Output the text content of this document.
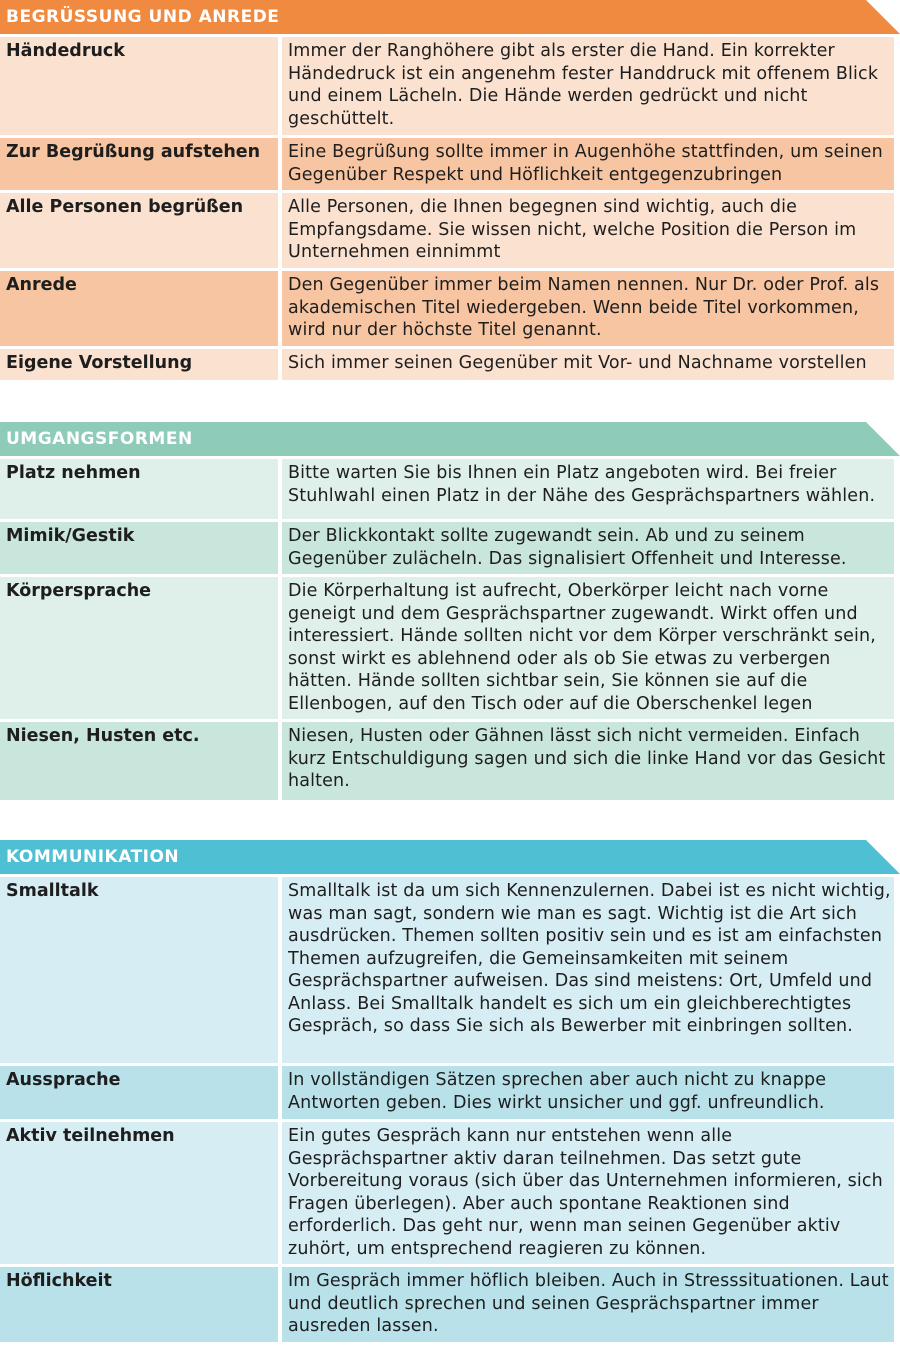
BEGRÜSSUNG UND ANREDE
Händedruck	Immer der Ranghöhere gibt als erster die Hand. Ein korrekter Händedruck ist ein angenehm fester Handdruck mit offenem Blick und einem Lächeln. Die Hände werden gedrückt und nicht geschüttelt.
Zur Begrüßung aufstehen	Eine Begrüßung sollte immer in Augenhöhe stattfinden, um seinen Gegenüber Respekt und Höflichkeit entgegenzubringen
Alle Personen begrüßen	Alle Personen, die Ihnen begegnen sind wichtig, auch die Empfangsdame. Sie wissen nicht, welche Position die Person im Unternehmen einnimmt
Anrede	Den Gegenüber immer beim Namen nennen. Nur Dr. oder Prof. als akademischen Titel wiedergeben. Wenn beide Titel vorkommen, wird nur der höchste Titel genannt.
Eigene Vorstellung	Sich immer seinen Gegenüber mit Vor- und Nachname vorstellen
UMGANGSFORMEN
Platz nehmen	Bitte warten Sie bis Ihnen ein Platz angeboten wird. Bei freier Stuhlwahl einen Platz in der Nähe des Gesprächspartners wählen.
Mimik/Gestik	Der Blickkontakt sollte zugewandt sein. Ab und zu seinem Gegenüber zulächeln. Das signalisiert Offenheit und Interesse.
Körpersprache	Die Körperhaltung ist aufrecht, Oberkörper leicht nach vorne geneigt und dem Gesprächspartner zugewandt. Wirkt offen und interessiert. Hände sollten nicht vor dem Körper verschränkt sein, sonst wirkt es ablehnend oder als ob Sie etwas zu verbergen hätten. Hände sollten sichtbar sein, Sie können sie auf die Ellenbogen, auf den Tisch oder auf die Oberschenkel legen
Niesen, Husten etc.	Niesen, Husten oder Gähnen lässt sich nicht vermeiden. Einfach kurz Entschuldigung sagen und sich die linke Hand vor das Gesicht halten.
KOMMUNIKATION
Smalltalk	Smalltalk ist da um sich Kennenzulernen. Dabei ist es nicht wichtig, was man sagt, sondern wie man es sagt. Wichtig ist die Art sich ausdrücken. Themen sollten positiv sein und es ist am einfachsten Themen aufzugreifen, die Gemeinsamkeiten mit seinem Gesprächspartner aufweisen. Das sind meistens: Ort, Umfeld und Anlass. Bei Smalltalk handelt es sich um ein gleichberechtigtes Gespräch, so dass Sie sich als Bewerber mit einbringen sollten.
Aussprache	In vollständigen Sätzen sprechen aber auch nicht zu knappe Antworten geben. Dies wirkt unsicher und ggf. unfreundlich.
Aktiv teilnehmen	Ein gutes Gespräch kann nur entstehen wenn alle Gesprächspartner aktiv daran teilnehmen. Das setzt gute Vorbereitung voraus (sich über das Unternehmen informieren, sich Fragen überlegen). Aber auch spontane Reaktionen sind erforderlich. Das geht nur, wenn man seinen Gegenüber aktiv zuhört, um entsprechend reagieren zu können.
Höflichkeit	Im Gespräch immer höflich bleiben. Auch in Stresssituationen. Laut und deutlich sprechen und seinen Gesprächspartner immer ausreden lassen.
